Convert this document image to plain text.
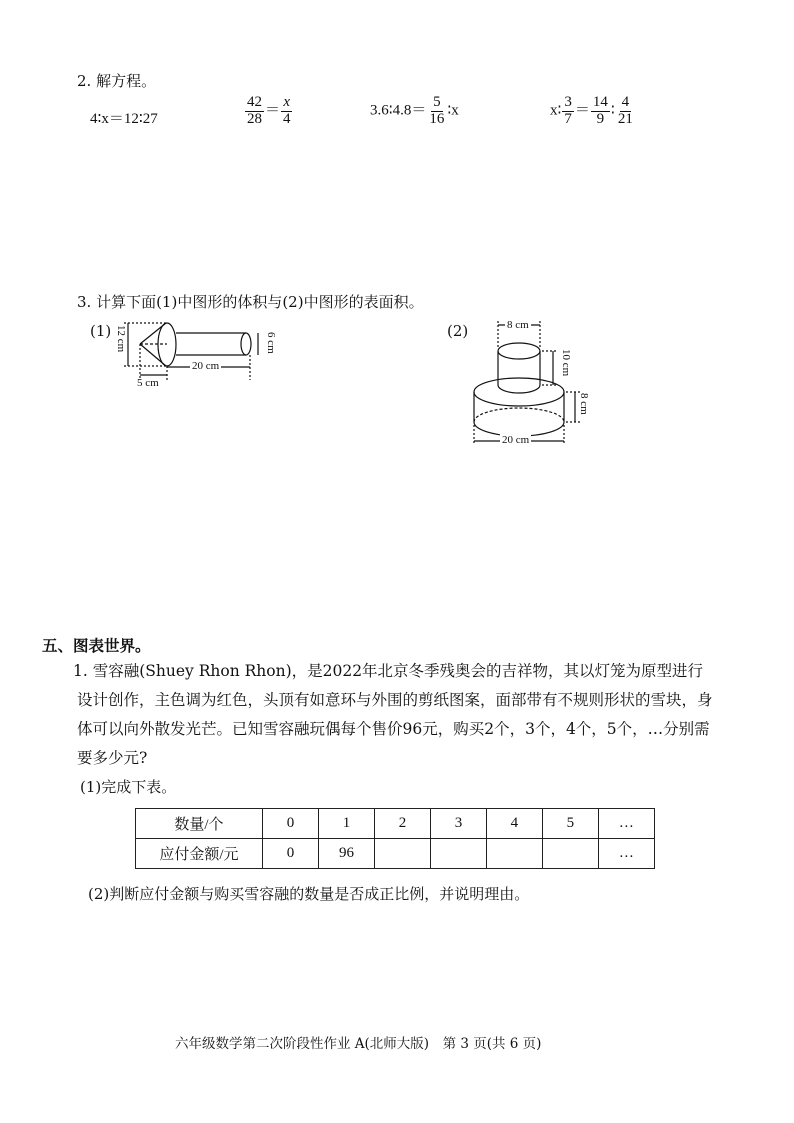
2. 解方程。
4∶x＝12∶27	$\frac{42}{28} = \frac{x}{4}$	3.6∶4.8＝ $\frac{5}{16}$ ∶x	x∶ $\frac{3}{7} = \frac{14}{9}$ ∶ $\frac{4}{21}$
3. 计算下面(1)中图形的体积与(2)中图形的表面积。
(1) 12 cm
20 cm
5 cm
6 cm
(2)	8 cm
10 cm
8 cm
20 cm
五、图表世界。
1. 雪容融(Shuey Rhon Rhon)，是2022年北京冬季残奥会的吉祥物，其以灯笼为原型进行设计创作，主色调为红色，头顶有如意环与外围的剪纸图案，面部带有不规则形状的雪块，身体可以向外散发光芒。已知雪容融玩偶每个售价96元，购买2个，3个，4个，5个，…分别需要多少元?
(1)完成下表。
数量/个	0	1	2	3	4	5	…
应付金额/元	0	96					…
(2)判断应付金额与购买雪容融的数量是否成正比例，并说明理由。
六年级数学第二次阶段性作业 A(北师大版)　第 3 页(共 6 页)
